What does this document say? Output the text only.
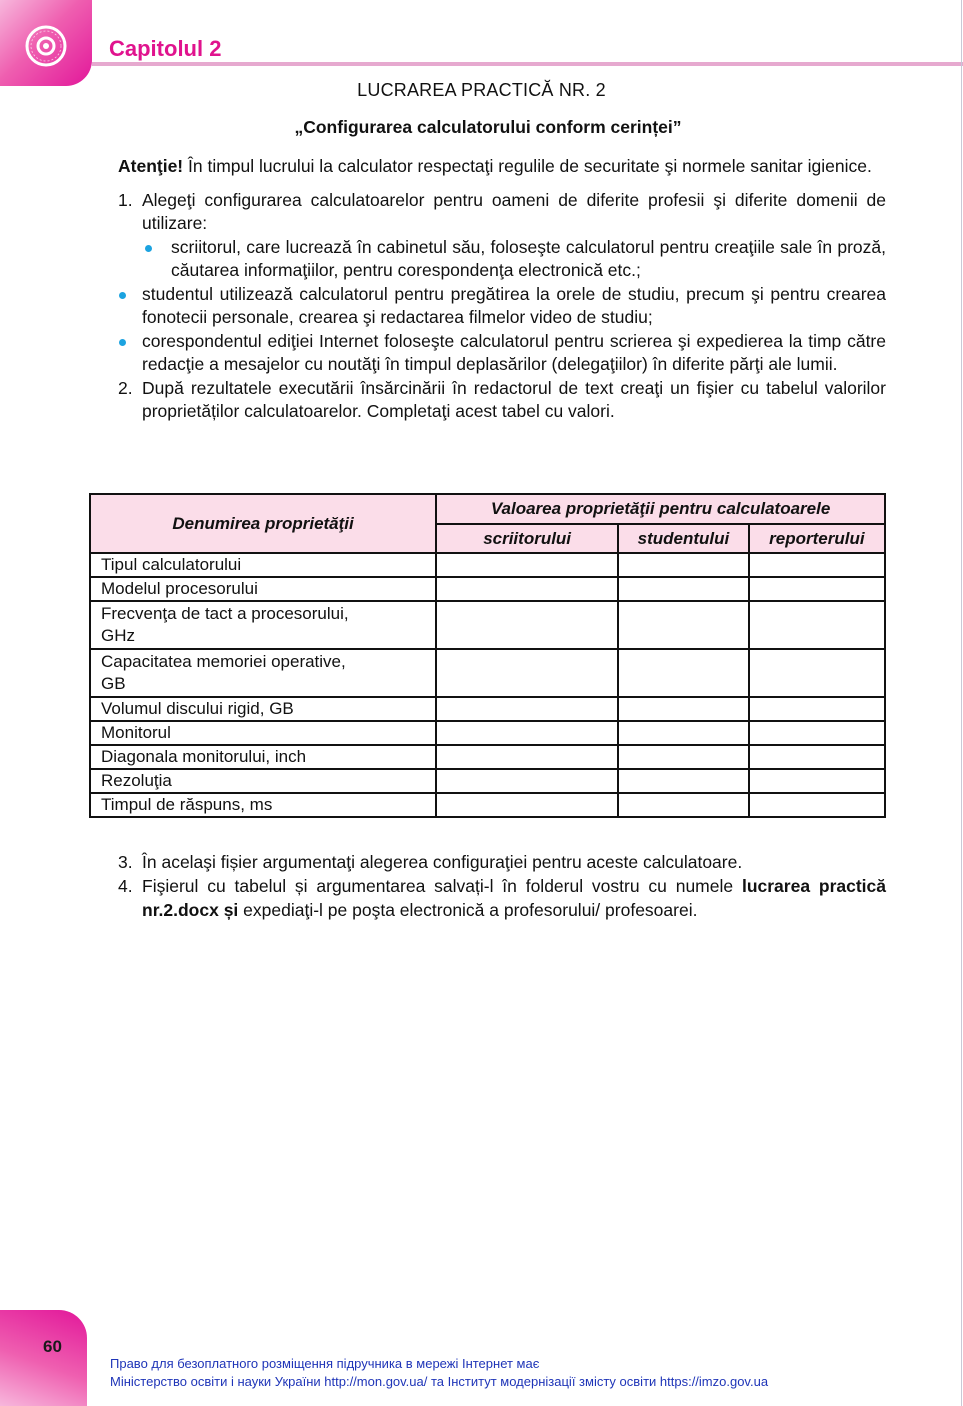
Capitolul 2
LUCRAREA PRACTICĂ NR. 2
„Configurarea calculatorului conform cerinței”

Atenţie! În timpul lucrului la calculator respectaţi regulile de securitate şi normele sanitar igienice.

1. Alegeţi configurarea calculatoarelor pentru oameni de diferite profesii şi diferite domenii de utilizare:
scriitorul, care lucrează în cabinetul său, foloseşte calculatorul pentru creaţiile sale în proză, căutarea informaţiilor, pentru corespondenţa electronică etc.;
studentul utilizează calculatorul pentru pregătirea la orele de studiu, precum şi pentru crearea fonotecii personale, crearea şi redactarea filmelor video de studiu;
corespondentul ediţiei Internet foloseşte calculatorul pentru scrierea şi expedierea la timp către redacţie a mesajelor cu noutăţi în timpul deplasărilor (delegaţiilor) în diferite părţi ale lumii.
2. După rezultatele executării însărcinării în redactorul de text creaţi un fişier cu tabelul valorilor proprietăților calculatoarelor. Completaţi acest tabel cu valori.
Denumirea proprietăţii	Valoarea proprietăţii pentru calculatoarele		
	scriitorului	studentului	reporterului
Tipul calculatorului			
Modelul procesorului			
Frecvenţa de tact a procesorului,
GHz			
Capacitatea memoriei operative,
GB			
Volumul discului rigid, GB			
Monitorul			
Diagonala monitorului, inch			
Rezoluţia			
Timpul de răspuns, ms			
3. În acelaşi fișier argumentaţi alegerea configuraţiei pentru aceste calculatoare.
4. Fişierul cu tabelul și argumentarea salvați-l în folderul vostru cu numele lucrarea practică nr.2.docx și expediaţi-l pe poşta electronică a profesorului/ profesoarei.
60
Право для безоплатного розміщення підручника в мережі Інтернет має
Міністерство освіти і науки України http://mon.gov.ua/ та Інститут модернізації змісту освіти https://imzo.gov.ua
